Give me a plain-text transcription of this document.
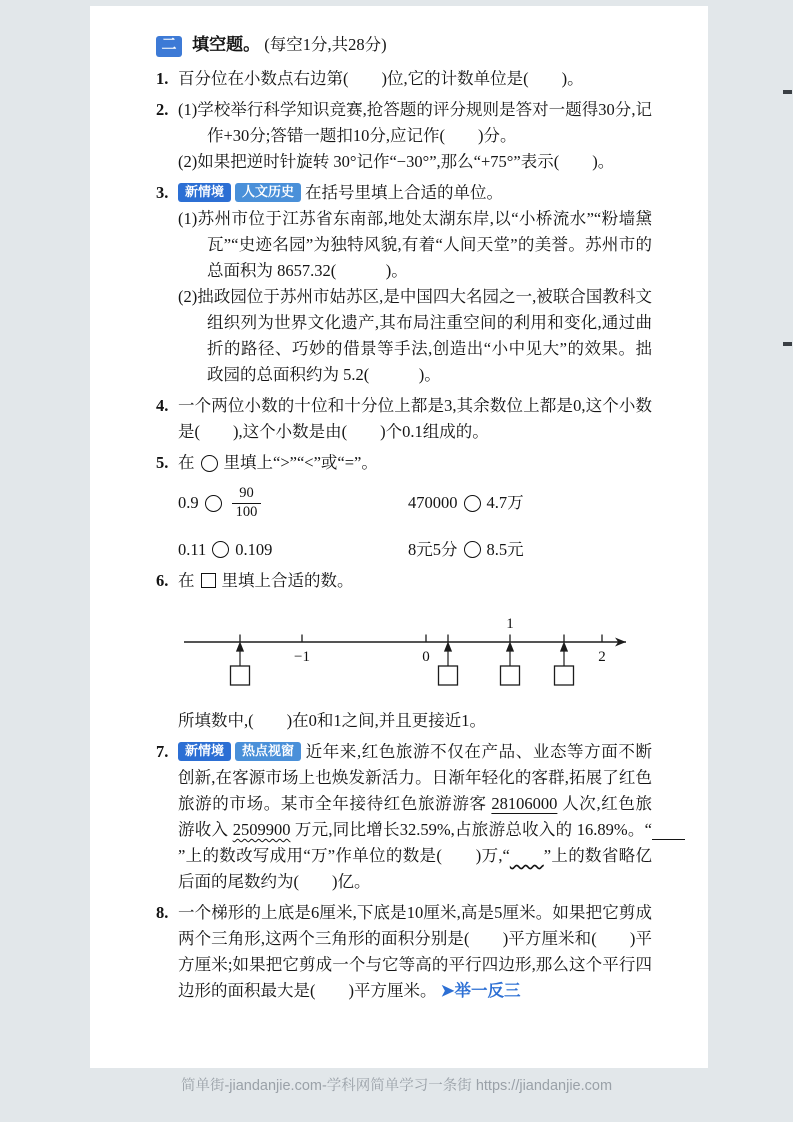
二 填空题。 (每空1分,共28分)
1. 百分位在小数点右边第(　　)位,它的计数单位是(　　)。
2. (1)学校举行科学知识竞赛,抢答题的评分规则是答对一题得30分,记作+30分;答错一题扣10分,应记作(　　)分。
(2)如果把逆时针旋转 30°记作“−30°”,那么“+75°”表示(　　)。
3.	新情境 人文历史 在括号里填上合适的单位。
(1)苏州市位于江苏省东南部,地处太湖东岸,以“小桥流水”“粉墙黛瓦”“史迹名园”为独特风貌,有着“人间天堂”的美誉。苏州市的总面积为 8657.32(　　　)。
(2)拙政园位于苏州市姑苏区,是中国四大名园之一,被联合国教科文组织列为世界文化遗产,其布局注重空间的利用和变化,通过曲折的路径、巧妙的借景等手法,创造出“小中见大”的效果。拙政园的总面积约为 5.2(　　　)。
4. 一个两位小数的十位和十分位上都是3,其余数位上都是0,这个小数是(　　),这个小数是由(　　)个0.1组成的。
5. 在 里填上“>”“<”或“=”。
$0.9 \frac{90}{100}$	470000 4.7万
0.11 0.109	8元5分 8.5元
6. 在 里填上合适的数。
−1	0
1
2
所填数中,(　　)在0和1之间,并且更接近1。
7.	新情境 热点视窗 近年来,红色旅游不仅在产品、业态等方面不断创新,在客源市场上也焕发新活力。日渐年轻化的客群,拓展了红色旅游的市场。某市全年接待红色旅游游客 28106000 人次,红色旅游收入 2509900 万元,同比增长32.59%,占旅游总收入的 16.89%。“　　”上的数改写成用“万”作单位的数是(　　)万,“　　 ”上的数省略亿后面的尾数约为(　　)亿。
8. 一个梯形的上底是6厘米,下底是10厘米,高是5厘米。如果把它剪成两个三角形,这两个三角形的面积分别是(　　)平方厘米和(　　)平方厘米;如果把它剪成一个与它等高的平行四边形,那么这个平行四边形的面积最大是(　　)平方厘米。 ➤举一反三
简单街-jiandanjie.com-学科网简单学习一条街 https://jiandanjie.com
